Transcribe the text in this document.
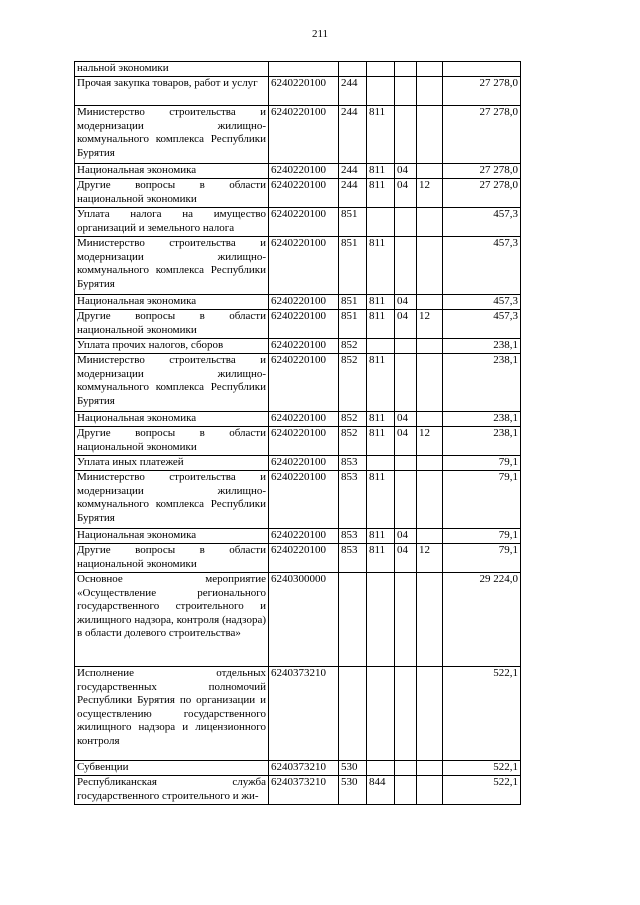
211
нальной экономики						
Прочая закупка товаров, работ и услуг	6240220100	244				27 278,0
Министерство строительства и модернизации жилищно-коммунального комплекса Республики Бурятия	6240220100	244	811			27 278,0
Национальная экономика	6240220100	244	811	04		27 278,0
Другие вопросы в области национальной экономики	6240220100	244	811	04	12	27 278,0
Уплата налога на имущество организаций и земельного налога	6240220100	851				457,3
Министерство строительства и модернизации жилищно-коммунального комплекса Республики Бурятия	6240220100	851	811			457,3
Национальная экономика	6240220100	851	811	04		457,3
Другие вопросы в области национальной экономики	6240220100	851	811	04	12	457,3
Уплата прочих налогов, сборов	6240220100	852				238,1
Министерство строительства и модернизации жилищно-коммунального комплекса Республики Бурятия	6240220100	852	811			238,1
Национальная экономика	6240220100	852	811	04		238,1
Другие вопросы в области национальной экономики	6240220100	852	811	04	12	238,1
Уплата иных платежей	6240220100	853				79,1
Министерство строительства и модернизации жилищно-коммунального комплекса Республики Бурятия	6240220100	853	811			79,1
Национальная экономика	6240220100	853	811	04		79,1
Другие вопросы в области национальной экономики	6240220100	853	811	04	12	79,1
Основное мероприятие «Осуществление регионального государственного строительного и жилищного надзора, контроля (надзора) в области долевого строительства»	6240300000					29 224,0
Исполнение отдельных государственных полномочий Республики Бурятия по организации и осуществлению государственного жилищного надзора и лицензионного контроля	6240373210					522,1
Субвенции	6240373210	530				522,1
Республиканская служба государственного строительного и жи-	6240373210	530	844			522,1
